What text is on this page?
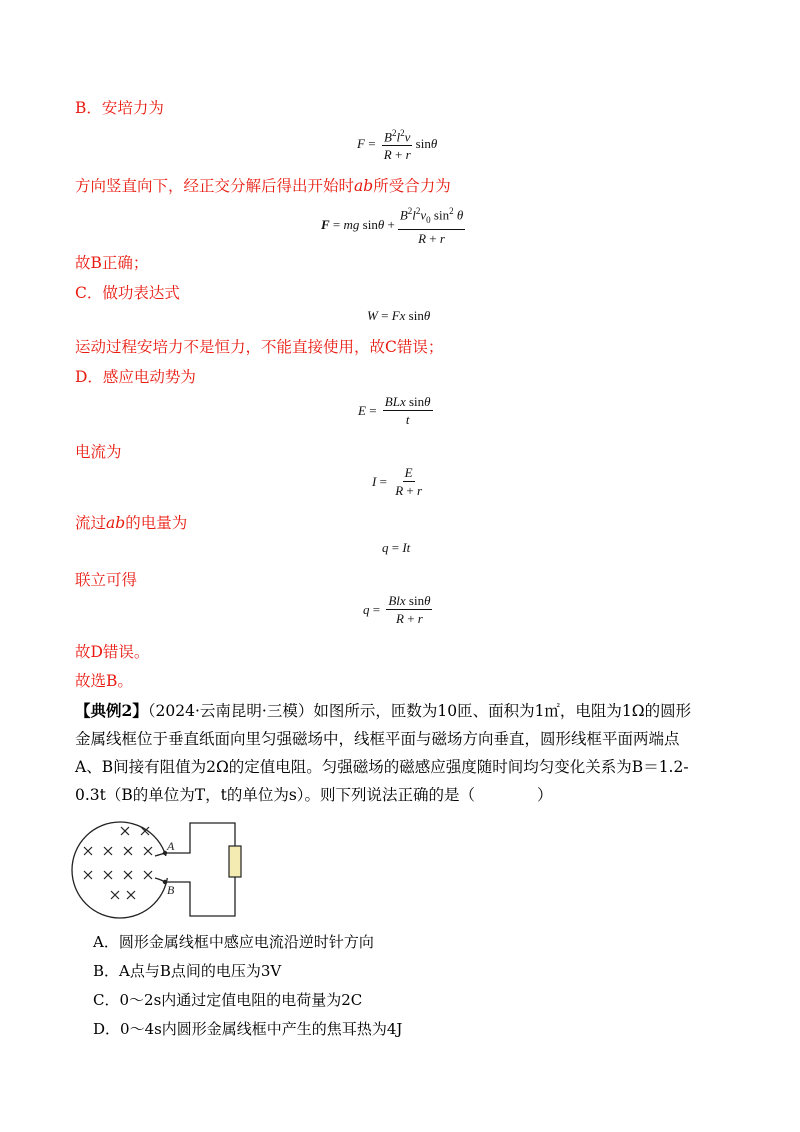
B．安培力为
$F = \frac{B^2l^2v}{R + r}$ sin θ
方向竖直向下，经正交分解后得出开始时ab所受合力为
F = mg $\sin \theta + \frac{B^2l^2v_0 \sin^2 \theta}{R + r}$
故B正确；
C．做功表达式
W = Fx sin θ
运动过程安培力不是恒力，不能直接使用，故C错误；
D．感应电动势为
$E = \frac{\text{BLx sinθ}}{t}$
电流为
$I = \frac{E}{R + r}$
流过ab的电量为
q = It
联立可得
$q = \frac{\text{Blx sinθ}}{R + r}$
故D错误。
故选B。
【典例2】（2024·云南昆明·三模）如图所示，匝数为10匝、面积为1㎡，电阻为1Ω的圆形
金属线框位于垂直纸面向里匀强磁场中，线框平面与磁场方向垂直，圆形线框平面两端点
A、B间接有阻值为2Ω的定值电阻。匀强磁场的磁感应强度随时间均匀变化关系为B＝1.2-
0.3t（B的单位为T，t的单位为s）。则下列说法正确的是（　　　　）
A
B
A．圆形金属线框中感应电流沿逆时针方向
B．A点与B点间的电压为3V
C．0～2s内通过定值电阻的电荷量为2C
D．0～4s内圆形金属线框中产生的焦耳热为4J
